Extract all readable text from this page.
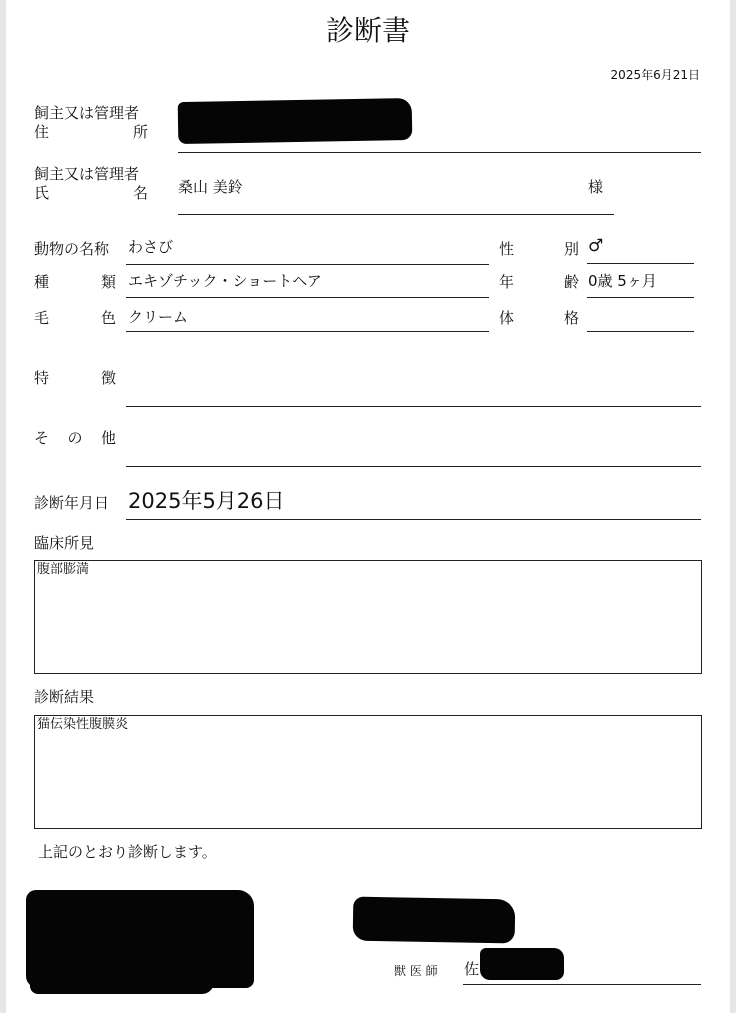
診断書
2025年6月21日
飼主又は管理者
住	所
飼主又は管理者
氏	名 桑山 美鈴	様
動物の名称 わさび	性	別 ♂
種	類 エキゾチック・ショートヘア	年	齢 0歳 5ヶ月
毛	色 クリーム	体	格
特	徴
そ の 他
診断年月日 2025年5月26日
臨床所見
腹部膨満
診断結果
猫伝染性腹膜炎
上記のとおり診断します。
獣 医 師 佐
